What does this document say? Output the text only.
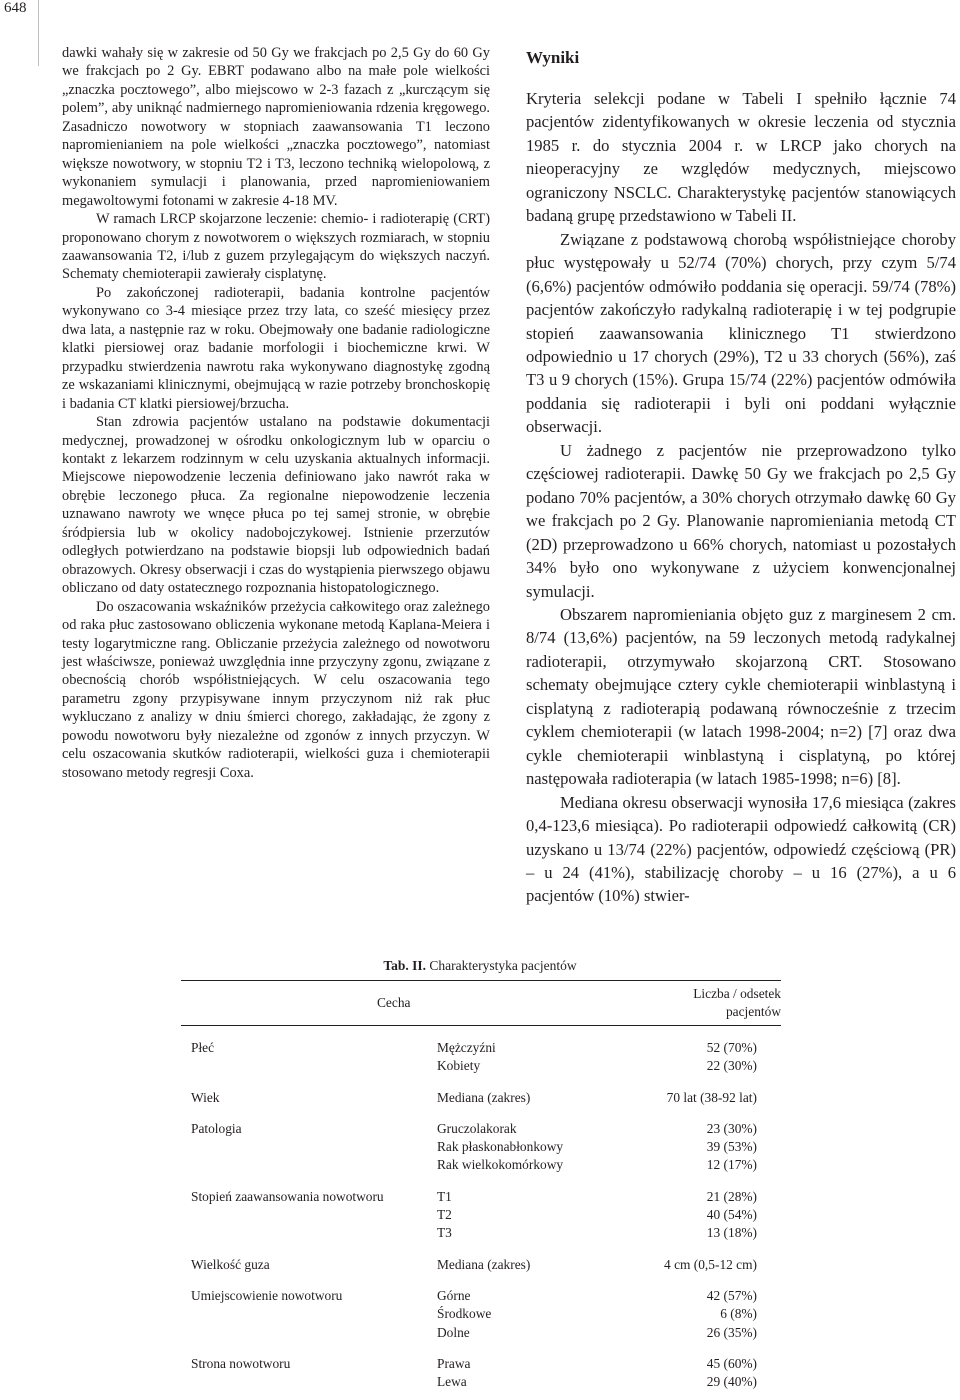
648

dawki wahały się w zakresie od 50 Gy we frakcjach po 2,5 Gy do 60 Gy we frakcjach po 2 Gy. EBRT podawano albo na małe pole wielkości „znaczka pocztowego”, albo miejscowo w 2-3 fazach z „kurczącym się polem”, aby uniknąć nadmiernego napromieniowania rdzenia kręgowego. Zasadniczo nowotwory w stopniach zaawansowania T1 leczono napromienianiem na pole wielkości „znaczka pocztowego”, natomiast większe nowotwory, w stopniu T2 i T3, leczono techniką wielopolową, z wykonaniem symulacji i planowania, przed napromieniowaniem megawoltowymi fotonami w zakresie 4-18 MV.

W ramach LRCP skojarzone leczenie: chemio- i radioterapię (CRT) proponowano chorym z nowotworem o większych rozmiarach, w stopniu zaawansowania T2, i/lub z guzem przylegającym do większych naczyń. Schematy chemioterapii zawierały cisplatynę.

Po zakończonej radioterapii, badania kontrolne pacjentów wykonywano co 3-4 miesiące przez trzy lata, co sześć miesięcy przez dwa lata, a następnie raz w roku. Obejmowały one badanie radiologiczne klatki piersiowej oraz badanie morfologii i biochemiczne krwi. W przypadku stwierdzenia nawrotu raka wykonywano diagnostykę zgodną ze wskazaniami klinicznymi, obejmującą w razie potrzeby bronchoskopię i badania CT klatki piersiowej/brzucha.

Stan zdrowia pacjentów ustalano na podstawie dokumentacji medycznej, prowadzonej w ośrodku onkologicznym lub w oparciu o kontakt z lekarzem rodzinnym w celu uzyskania aktualnych informacji. Miejscowe niepowodzenie leczenia definiowano jako nawrót raka w obrębie leczonego płuca. Za regionalne niepowodzenie leczenia uznawano nawroty we wnęce płuca po tej samej stronie, w obrębie śródpiersia lub w okolicy nadobojczykowej. Istnienie przerzutów odległych potwierdzano na podstawie biopsji lub odpowiednich badań obrazowych. Okresy obserwacji i czas do wystąpienia pierwszego objawu obliczano od daty ostatecznego rozpoznania histopatologicznego.

Do oszacowania wskaźników przeżycia całkowitego oraz zależnego od raka płuc zastosowano obliczenia wykonane metodą Kaplana-Meiera i testy logarytmiczne rang. Obliczanie przeżycia zależnego od nowotworu jest właściwsze, ponieważ uwzględnia inne przyczyny zgonu, związane z obecnością chorób współistniejących. W celu oszacowania tego parametru zgony przypisywane innym przyczynom niż rak płuc wykluczano z analizy w dniu śmierci chorego, zakładając, że zgony z powodu nowotworu były niezależne od zgonów z innych przyczyn. W celu oszacowania skutków radioterapii, wielkości guza i chemioterapii stosowano metody regresji Coxa.

Wyniki

Kryteria selekcji podane w Tabeli I spełniło łącznie 74 pacjentów zidentyfikowanych w okresie leczenia od stycznia 1985 r. do stycznia 2004 r. w LRCP jako chorych na nieoperacyjny ze względów medycznych, miejscowo ograniczony NSCLC. Charakterystykę pacjentów stanowiących badaną grupę przedstawiono w Tabeli II.

Związane z podstawową chorobą współistniejące choroby płuc występowały u 52/74 (70%) chorych, przy czym 5/74 (6,6%) pacjentów odmówiło poddania się operacji. 59/74 (78%) pacjentów zakończyło radykalną radioterapię i w tej podgrupie stopień zaawansowania klinicznego T1 stwierdzono odpowiednio u 17 chorych (29%), T2 u 33 chorych (56%), zaś T3 u 9 chorych (15%). Grupa 15/74 (22%) pacjentów odmówiła poddania się radioterapii i byli oni poddani wyłącznie obserwacji.

U żadnego z pacjentów nie przeprowadzono tylko częściowej radioterapii. Dawkę 50 Gy we frakcjach po 2,5 Gy podano 70% pacjentów, a 30% chorych otrzymało dawkę 60 Gy we frakcjach po 2 Gy. Planowanie napromieniania metodą CT (2D) przeprowadzono u 66% chorych, natomiast u pozostałych 34% było ono wykonywane z użyciem konwencjonalnej symulacji.

Obszarem napromieniania objęto guz z marginesem 2 cm. 8/74 (13,6%) pacjentów, na 59 leczonych metodą radykalnej radioterapii, otrzymywało skojarzoną CRT. Stosowano schematy obejmujące cztery cykle chemioterapii winblastyną i cisplatyną z radioterapią podawaną równocześnie z trzecim cyklem chemioterapii (w latach 1998-2004; n=2) [7] oraz dwa cykle chemioterapii winblastyną i cisplatyną, po której następowała radioterapia (w latach 1985-1998; n=6) [8].

Mediana okresu obserwacji wynosiła 17,6 miesiąca (zakres 0,4-123,6 miesiąca). Po radioterapii odpowiedź całkowitą (CR) uzyskano u 13/74 (22%) pacjentów, odpowiedź częściową (PR) – u 24 (41%), stabilizację choroby – u 16 (27%), a u 6 pacjentów (10%) stwier-

Tab. II. Charakterystyka pacjentów
Cecha		Liczba / odsetek pacjentów

Płeć	Mężczyźni	52 (70%)
	Kobiety	22 (30%)

Wiek	Mediana (zakres)	70 lat (38-92 lat)

Patologia	Gruczolakorak	23 (30%)
	Rak płaskonabłonkowy	39 (53%)
	Rak wielkokomórkowy	12 (17%)

Stopień zaawansowania nowotworu	T1	21 (28%)
	T2	40 (54%)
	T3	13 (18%)

Wielkość guza	Mediana (zakres)	4 cm (0,5-12 cm)

Umiejscowienie nowotworu	Górne	42 (57%)
	Środkowe	6 (8%)
	Dolne	26 (35%)

Strona nowotworu	Prawa	45 (60%)
	Lewa	29 (40%)
